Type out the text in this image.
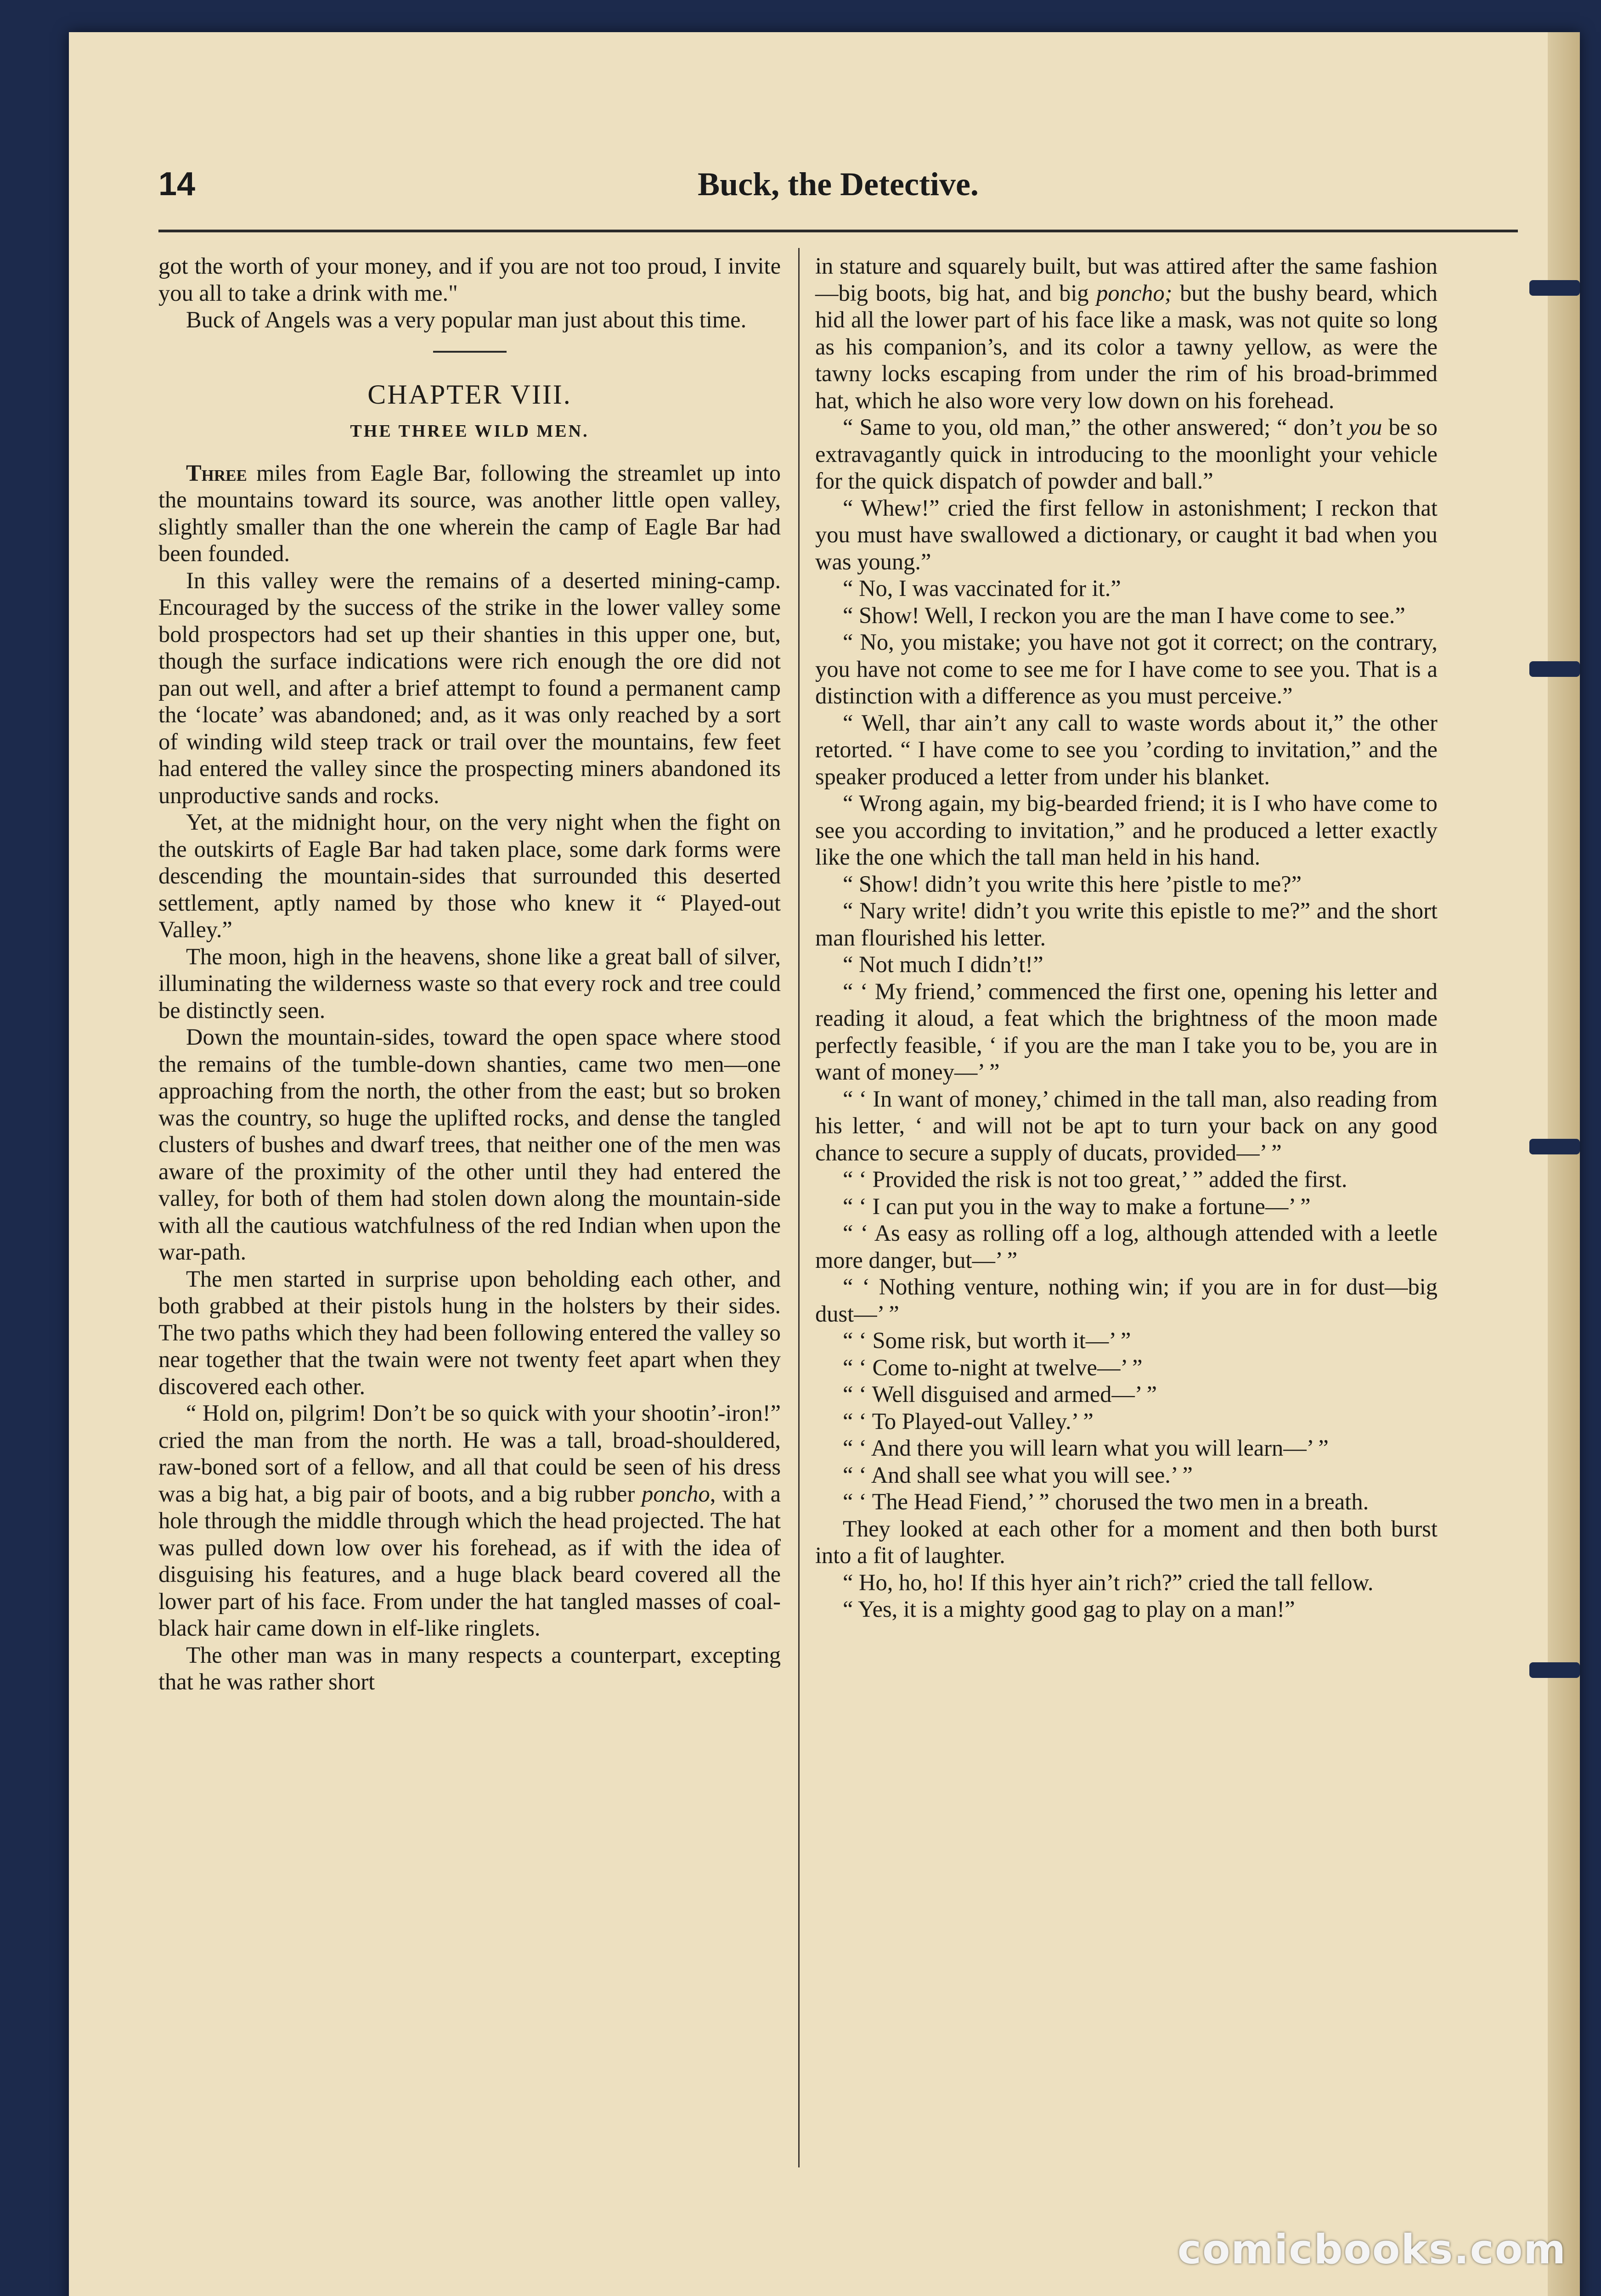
14	Buck, the Detective.

got the worth of your money, and if you are not too proud, I invite you all to take a drink with me."

Buck of Angels was a very popular man just about this time.

CHAPTER VIII.
THE THREE WILD MEN.

Three miles from Eagle Bar, following the streamlet up into the mountains toward its source, was another little open valley, slightly smaller than the one wherein the camp of Eagle Bar had been founded.

In this valley were the remains of a deserted mining-camp. Encouraged by the success of the strike in the lower valley some bold prospectors had set up their shanties in this upper one, but, though the surface indications were rich enough the ore did not pan out well, and after a brief attempt to found a permanent camp the ‘locate’ was abandoned; and, as it was only reached by a sort of winding wild steep track or trail over the mountains, few feet had entered the valley since the prospecting miners abandoned its unproductive sands and rocks.

Yet, at the midnight hour, on the very night when the fight on the outskirts of Eagle Bar had taken place, some dark forms were descending the mountain-sides that surrounded this deserted settlement, aptly named by those who knew it “ Played-out Valley.”

The moon, high in the heavens, shone like a great ball of silver, illuminating the wilderness waste so that every rock and tree could be distinctly seen.

Down the mountain-sides, toward the open space where stood the remains of the tumble-down shanties, came two men—one approaching from the north, the other from the east; but so broken was the country, so huge the uplifted rocks, and dense the tangled clusters of bushes and dwarf trees, that neither one of the men was aware of the proximity of the other until they had entered the valley, for both of them had stolen down along the mountain-side with all the cautious watchfulness of the red Indian when upon the war-path.

The men started in surprise upon beholding each other, and both grabbed at their pistols hung in the holsters by their sides. The two paths which they had been following entered the valley so near together that the twain were not twenty feet apart when they discovered each other.

“ Hold on, pilgrim! Don’t be so quick with your shootin’-iron!” cried the man from the north. He was a tall, broad-shouldered, raw-boned sort of a fellow, and all that could be seen of his dress was a big hat, a big pair of boots, and a big rubber poncho, with a hole through the middle through which the head projected. The hat was pulled down low over his forehead, as if with the idea of disguising his features, and a huge black beard covered all the lower part of his face. From under the hat tangled masses of coal-black hair came down in elf-like ringlets.

The other man was in many respects a counterpart, excepting that he was rather short

in stature and squarely built, but was attired after the same fashion—big boots, big hat, and big poncho; but the bushy beard, which hid all the lower part of his face like a mask, was not quite so long as his companion’s, and its color a tawny yellow, as were the tawny locks escaping from under the rim of his broad-brimmed hat, which he also wore very low down on his forehead.

“ Same to you, old man,” the other answered; “ don’t you be so extravagantly quick in introducing to the moonlight your vehicle for the quick dispatch of powder and ball.”

“ Whew!” cried the first fellow in astonishment; I reckon that you must have swallowed a dictionary, or caught it bad when you was young.”

“ No, I was vaccinated for it.”

“ Show! Well, I reckon you are the man I have come to see.”

“ No, you mistake; you have not got it correct; on the contrary, you have not come to see me for I have come to see you. That is a distinction with a difference as you must perceive.”

“ Well, thar ain’t any call to waste words about it,” the other retorted. “ I have come to see you ’cording to invitation,” and the speaker produced a letter from under his blanket.

“ Wrong again, my big-bearded friend; it is I who have come to see you according to invitation,” and he produced a letter exactly like the one which the tall man held in his hand.

“ Show! didn’t you write this here ’pistle to me?”

“ Nary write! didn’t you write this epistle to me?” and the short man flourished his letter.

“ Not much I didn’t!”

“ ‘ My friend,’ commenced the first one, opening his letter and reading it aloud, a feat which the brightness of the moon made perfectly feasible, ‘ if you are the man I take you to be, you are in want of money—’ ”

“ ‘ In want of money,’ chimed in the tall man, also reading from his letter, ‘ and will not be apt to turn your back on any good chance to secure a supply of ducats, provided—’ ”

“ ‘ Provided the risk is not too great,’ ” added the first.

“ ‘ I can put you in the way to make a fortune—’ ”

“ ‘ As easy as rolling off a log, although attended with a leetle more danger, but—’ ”

“ ‘ Nothing venture, nothing win; if you are in for dust—big dust—’ ”

“ ‘ Some risk, but worth it—’ ”

“ ‘ Come to-night at twelve—’ ”

“ ‘ Well disguised and armed—’ ”

“ ‘ To Played-out Valley.’ ”

“ ‘ And there you will learn what you will learn—’ ”

“ ‘ And shall see what you will see.’ ”

“ ‘ The Head Fiend,’ ” chorused the two men in a breath.

They looked at each other for a moment and then both burst into a fit of laughter.

“ Ho, ho, ho! If this hyer ain’t rich?” cried the tall fellow.

“ Yes, it is a mighty good gag to play on a man!”

comicbooks.com
